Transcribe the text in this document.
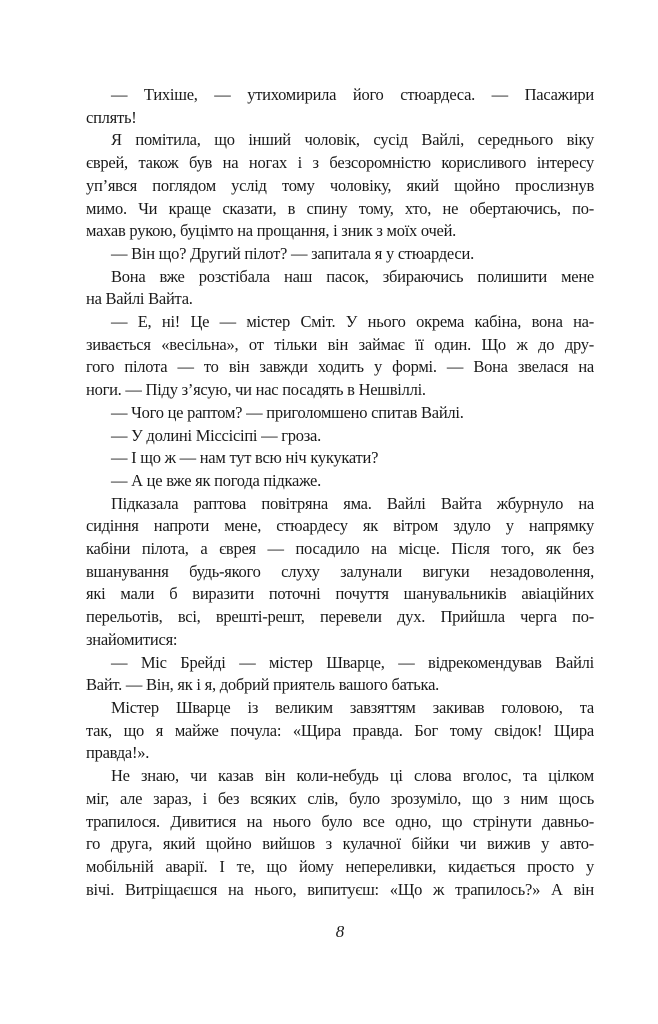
— Тихіше, — утихомирила його стюардеса. — Пасажири
сплять!
Я помітила, що інший чоловік, сусід Вайлі, середнього віку
єврей, також був на ногах і з безсоромністю корисливого інтересу
уп’явся поглядом услід тому чоловіку, який щойно прослизнув
мимо. Чи краще сказати, в спину тому, хто, не обертаючись, по-
махав рукою, буцімто на прощання, і зник з моїх очей.
— Він що? Другий пілот? — запитала я у стюардеси.
Вона вже розстібала наш пасок, збираючись полишити мене
на Вайлі Вайта.
— Е, ні! Це — містер Сміт. У нього окрема кабіна, вона на-
зивається «весільна», от тільки він займає її один. Що ж до дру-
гого пілота — то він завжди ходить у формі. — Вона звелася на
ноги. — Піду з’ясую, чи нас посадять в Нешвіллі.
— Чого це раптом? — приголомшено спитав Вайлі.
— У долині Міссісіпі — гроза.
— І що ж — нам тут всю ніч кукукати?
— А це вже як погода підкаже.
Підказала раптова повітряна яма. Вайлі Вайта жбурнуло на
сидіння напроти мене, стюардесу як вітром здуло у напрямку
кабіни пілота, а єврея — посадило на місце. Після того, як без
вшанування будь-якого слуху залунали вигуки незадоволення,
які мали б виразити поточні почуття шанувальників авіаційних
перельотів, всі, врешті-решт, перевели дух. Прийшла черга по-
знайомитися:
— Міс Брейді — містер Шварце, — відрекомендував Вайлі
Вайт. — Він, як і я, добрий приятель вашого батька.
Містер Шварце із великим завзяттям закивав головою, та
так, що я майже почула: «Щира правда. Бог тому свідок! Щира
правда!».
Не знаю, чи казав він коли-небудь ці слова вголос, та цілком
міг, але зараз, і без всяких слів, було зрозуміло, що з ним щось
трапилося. Дивитися на нього було все одно, що стрінути давньо-
го друга, який щойно вийшов з кулачної бійки чи вижив у авто-
мобільній аварії. І те, що йому непереливки, кидається просто у
вічі. Витріщаєшся на нього, випитуєш: «Що ж трапилось?» А він
8
